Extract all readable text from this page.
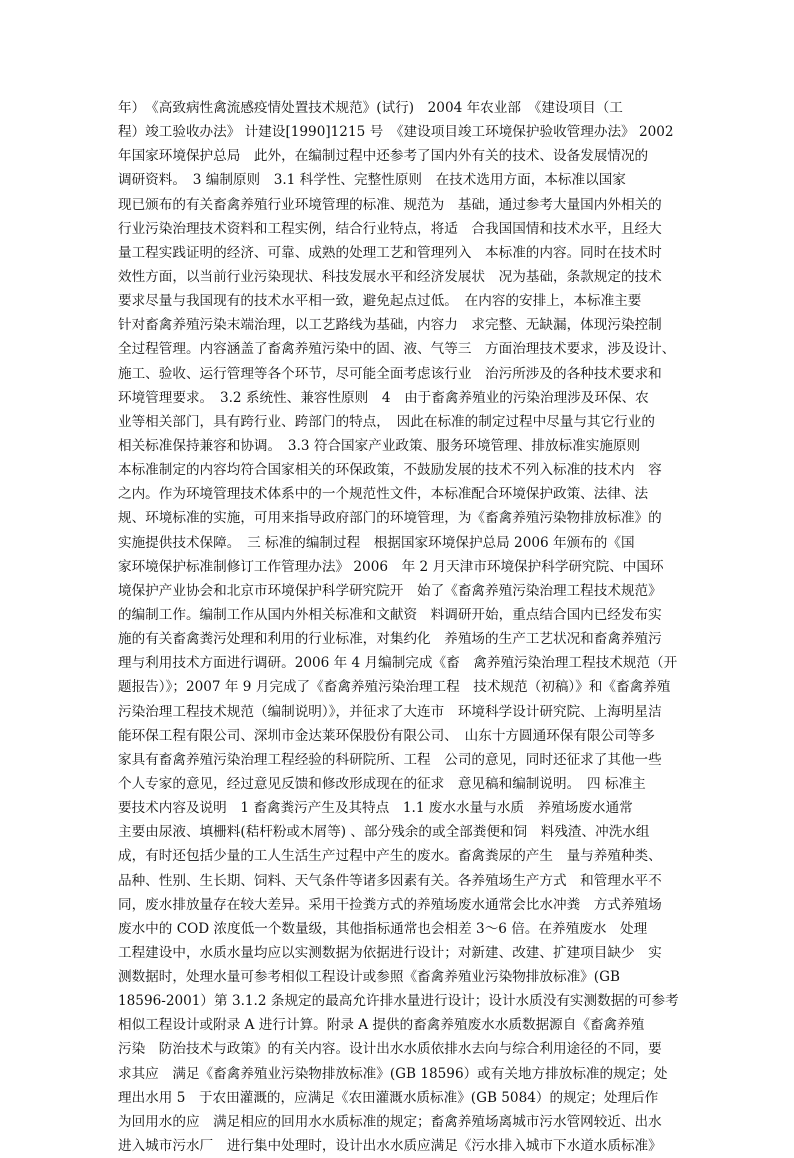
年）　《高致病性禽流感疫情处置技术规范》(试行)　2004 年农业部　《建设项目（工
程）竣工验收办法》 计建设[1990]1215 号　《建设项目竣工环境保护验收管理办法》 2002
年国家环境保护总局　此外，在编制过程中还参考了国内外有关的技术、设备发展情况的
调研资料。　3 编制原则　3.1 科学性、完整性原则　在技术选用方面，本标准以国家
现已颁布的有关畜禽养殖行业环境管理的标准、规范为　基础，通过参考大量国内外相关的
行业污染治理技术资料和工程实例，结合行业特点，将适　合我国国情和技术水平，且经大
量工程实践证明的经济、可靠、成熟的处理工艺和管理列入　本标准的内容。同时在技术时
效性方面，以当前行业污染现状、科技发展水平和经济发展状　况为基础，条款规定的技术
要求尽量与我国现有的技术水平相一致，避免起点过低。　在内容的安排上，本标准主要
针对畜禽养殖污染末端治理，以工艺路线为基础，内容力　求完整、无缺漏，体现污染控制
全过程管理。内容涵盖了畜禽养殖污染中的固、液、气等三　方面治理技术要求，涉及设计、
施工、验收、运行管理等各个环节，尽可能全面考虑该行业　治污所涉及的各种技术要求和
环境管理要求。　3.2 系统性、兼容性原则　4　由于畜禽养殖业的污染治理涉及环保、农
业等相关部门，具有跨行业、跨部门的特点，　因此在标准的制定过程中尽量与其它行业的
相关标准保持兼容和协调。　3.3 符合国家产业政策、服务环境管理、排放标准实施原则
本标准制定的内容均符合国家相关的环保政策，不鼓励发展的技术不列入标准的技术内　容
之内。作为环境管理技术体系中的一个规范性文件，本标准配合环境保护政策、法律、法
规、环境标准的实施，可用来指导政府部门的环境管理，为《畜禽养殖污染物排放标准》的
实施提供技术保障。　三 标准的编制过程　根据国家环境保护总局 2006 年颁布的《国
家环境保护标准制修订工作管理办法》 2006　年 2 月天津市环境保护科学研究院、中国环
境保护产业协会和北京市环境保护科学研究院开　始了《畜禽养殖污染治理工程技术规范》
的编制工作。编制工作从国内外相关标准和文献资　料调研开始，重点结合国内已经发布实
施的有关畜禽粪污处理和利用的行业标准，对集约化　养殖场的生产工艺状况和畜禽养殖污
理与利用技术方面进行调研。2006 年 4 月编制完成《畜　禽养殖污染治理工程技术规范（开
题报告）》；2007 年 9 月完成了《畜禽养殖污染治理工程　技术规范（初稿）》和《畜禽养殖
污染治理工程技术规范（编制说明）》，并征求了大连市　环境科学设计研究院、上海明星洁
能环保工程有限公司、深圳市金达莱环保股份有限公司、　山东十方圆通环保有限公司等多
家具有畜禽养殖污染治理工程经验的科研院所、工程　公司的意见，同时还征求了其他一些
个人专家的意见，经过意见反馈和修改形成现在的征求　意见稿和编制说明。　四 标准主
要技术内容及说明　1 畜禽粪污产生及其特点　1.1 废水水量与水质　养殖场废水通常
主要由尿液、填栅料(秸杆粉或木屑等) 、部分残余的或全部粪便和饲　料残渣、冲洗水组
成，有时还包括少量的工人生活生产过程中产生的废水。畜禽粪尿的产生　量与养殖种类、
品种、性别、生长期、饲料、天气条件等诸多因素有关。各养殖场生产方式　和管理水平不
同，废水排放量存在较大差异。采用干捡粪方式的养殖场废水通常会比水冲粪　方式养殖场
废水中的 COD 浓度低一个数量级，其他指标通常也会相差 3～6 倍。在养殖废水　处理
工程建设中，水质水量均应以实测数据为依据进行设计；对新建、改建、扩建项目缺少　实
测数据时，处理水量可参考相似工程设计或参照《畜禽养殖业污染物排放标准》(GB
18596-2001）第 3.1.2 条规定的最高允许排水量进行设计；设计水质没有实测数据的可参考
相似工程设计或附录 A 进行计算。附录 A 提供的畜禽养殖废水水质数据源自《畜禽养殖
污染　防治技术与政策》的有关内容。设计出水水质依排水去向与综合利用途径的不同，要
求其应　满足《畜禽养殖业污染物排放标准》(GB 18596）或有关地方排放标准的规定；处
理出水用 5　于农田灌溉的，应满足《农田灌溉水质标准》(GB 5084）的规定；处理后作
为回用水的应　满足相应的回用水水质标准的规定；畜禽养殖场离城市污水管网较近、出水
进入城市污水厂　进行集中处理时，设计出水水质应满足《污水排入城市下水道水质标准》
